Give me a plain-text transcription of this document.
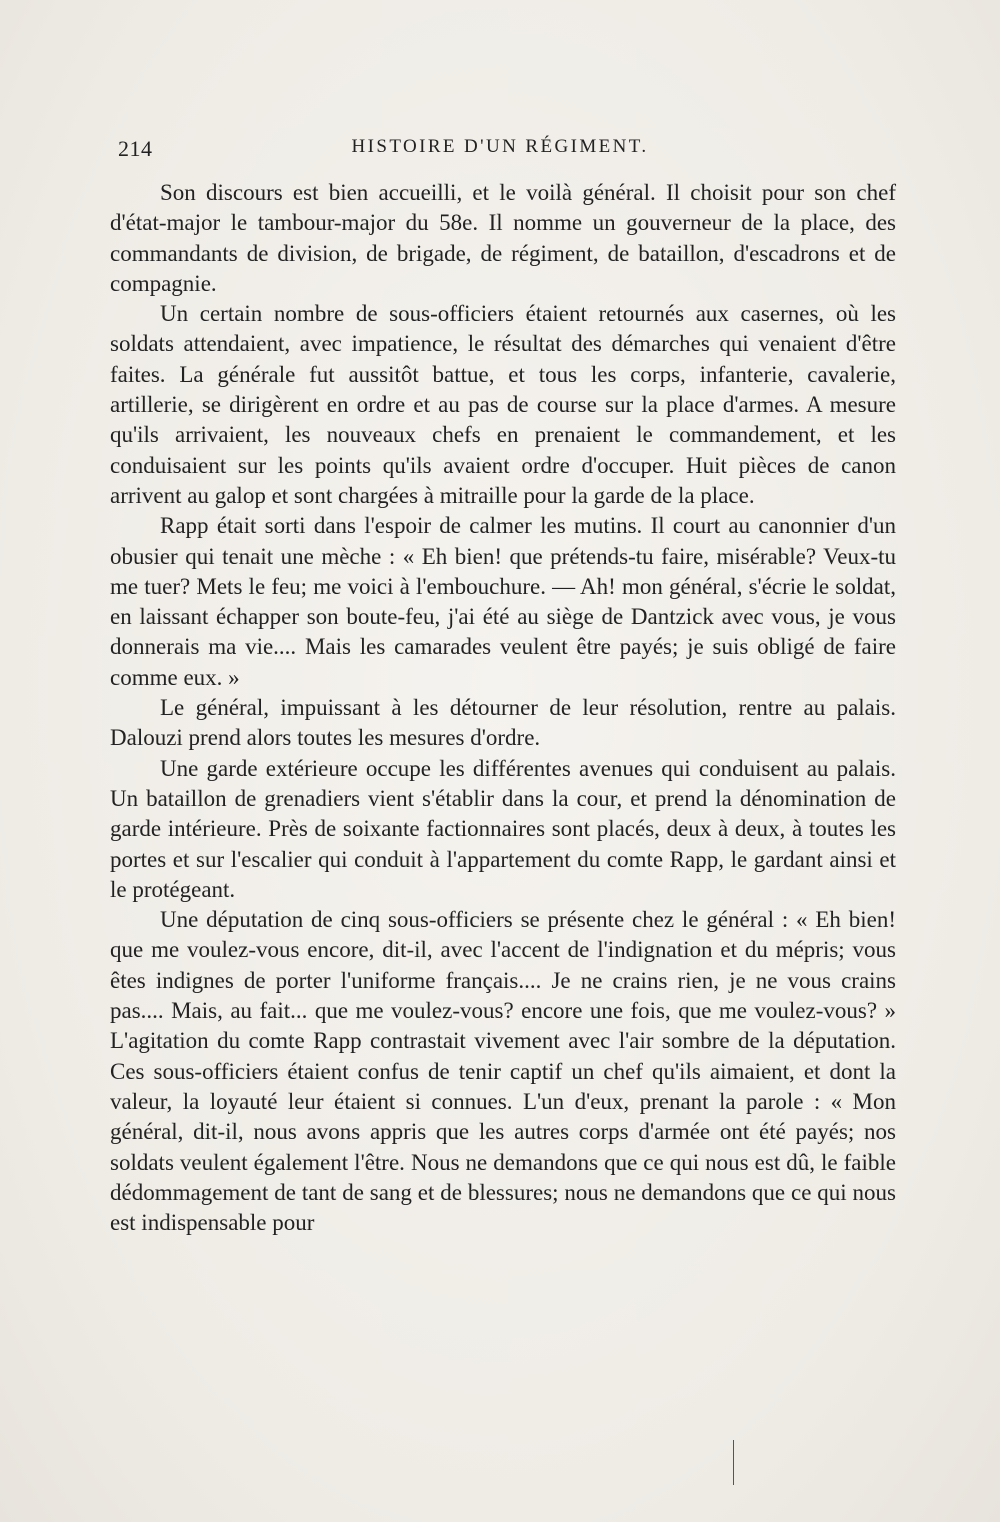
214	HISTOIRE D'UN RÉGIMENT.

Son discours est bien accueilli, et le voilà général. Il choisit pour son chef d'état-major le tambour-major du 58e. Il nomme un gouverneur de la place, des commandants de division, de brigade, de régiment, de bataillon, d'escadrons et de compagnie.

Un certain nombre de sous-officiers étaient retournés aux casernes, où les soldats attendaient, avec impatience, le résultat des démarches qui venaient d'être faites. La générale fut aussitôt battue, et tous les corps, infanterie, cavalerie, artillerie, se dirigèrent en ordre et au pas de course sur la place d'armes. A mesure qu'ils arrivaient, les nouveaux chefs en prenaient le commandement, et les conduisaient sur les points qu'ils avaient ordre d'occuper. Huit pièces de canon arrivent au galop et sont chargées à mitraille pour la garde de la place.

Rapp était sorti dans l'espoir de calmer les mutins. Il court au canonnier d'un obusier qui tenait une mèche : « Eh bien! que prétends-tu faire, misérable? Veux-tu me tuer? Mets le feu; me voici à l'embouchure. — Ah! mon général, s'écrie le soldat, en laissant échapper son boute-feu, j'ai été au siège de Dantzick avec vous, je vous donnerais ma vie.... Mais les camarades veulent être payés; je suis obligé de faire comme eux. »

Le général, impuissant à les détourner de leur résolution, rentre au palais. Dalouzi prend alors toutes les mesures d'ordre.

Une garde extérieure occupe les différentes avenues qui conduisent au palais. Un bataillon de grenadiers vient s'établir dans la cour, et prend la dénomination de garde intérieure. Près de soixante factionnaires sont placés, deux à deux, à toutes les portes et sur l'escalier qui conduit à l'appartement du comte Rapp, le gardant ainsi et le protégeant.

Une députation de cinq sous-officiers se présente chez le général : « Eh bien! que me voulez-vous encore, dit-il, avec l'accent de l'indignation et du mépris; vous êtes indignes de porter l'uniforme français.... Je ne crains rien, je ne vous crains pas.... Mais, au fait... que me voulez-vous? encore une fois, que me voulez-vous? » L'agitation du comte Rapp contrastait vivement avec l'air sombre de la députation. Ces sous-officiers étaient confus de tenir captif un chef qu'ils aimaient, et dont la valeur, la loyauté leur étaient si connues. L'un d'eux, prenant la parole : « Mon général, dit-il, nous avons appris que les autres corps d'armée ont été payés; nos soldats veulent également l'être. Nous ne demandons que ce qui nous est dû, le faible dédommagement de tant de sang et de blessures; nous ne demandons que ce qui nous est indispensable pour
